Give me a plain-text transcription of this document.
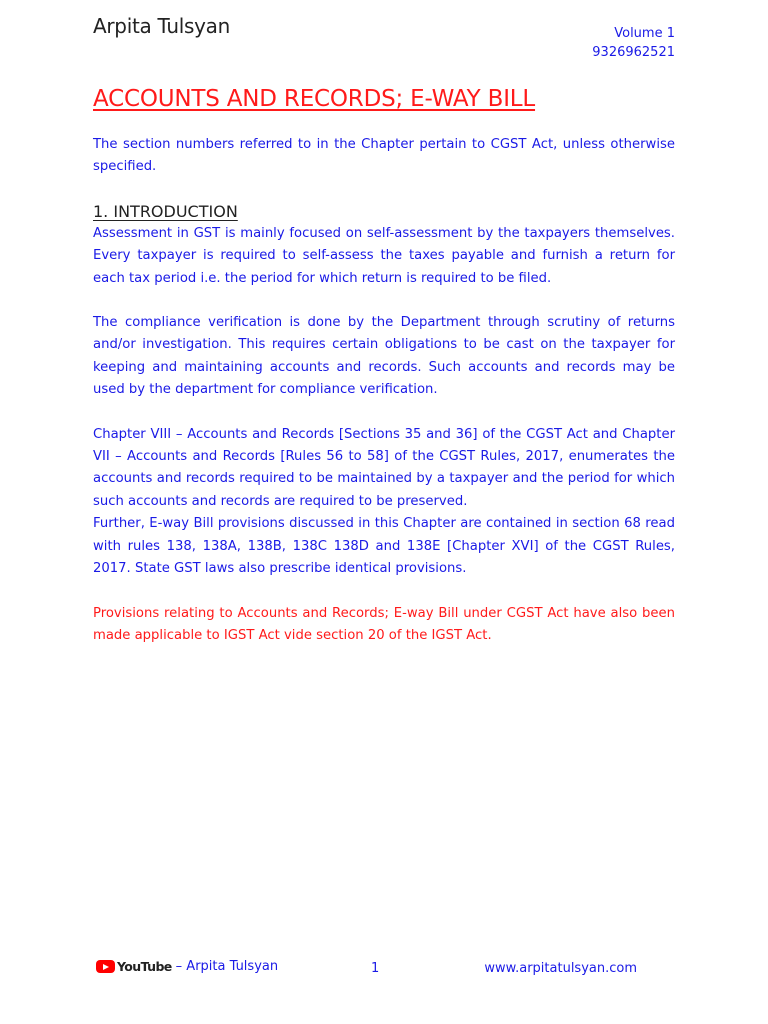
Arpita Tulsyan	Volume 1
9326962521
ACCOUNTS AND RECORDS; E-WAY BILL

The section numbers referred to in the Chapter pertain to CGST Act, unless otherwise specified.

1. INTRODUCTION

Assessment in GST is mainly focused on self-assessment by the taxpayers themselves. Every taxpayer is required to self-assess the taxes payable and furnish a return for each tax period i.e. the period for which return is required to be filed.

The compliance verification is done by the Department through scrutiny of returns and/or investigation. This requires certain obligations to be cast on the taxpayer for keeping and maintaining accounts and records. Such accounts and records may be used by the department for compliance verification.

Chapter VIII – Accounts and Records [Sections 35 and 36] of the CGST Act and Chapter VII – Accounts and Records [Rules 56 to 58] of the CGST Rules, 2017, enumerates the accounts and records required to be maintained by a taxpayer and the period for which such accounts and records are required to be preserved.

Further, E-way Bill provisions discussed in this Chapter are contained in section 68 read with rules 138, 138A, 138B, 138C 138D and 138E [Chapter XVI] of the CGST Rules, 2017. State GST laws also prescribe identical provisions.

Provisions relating to Accounts and Records; E-way Bill under CGST Act have also been made applicable to IGST Act vide section 20 of the IGST Act.

YouTube – Arpita Tulsyan	1	www.arpitatulsyan.com
